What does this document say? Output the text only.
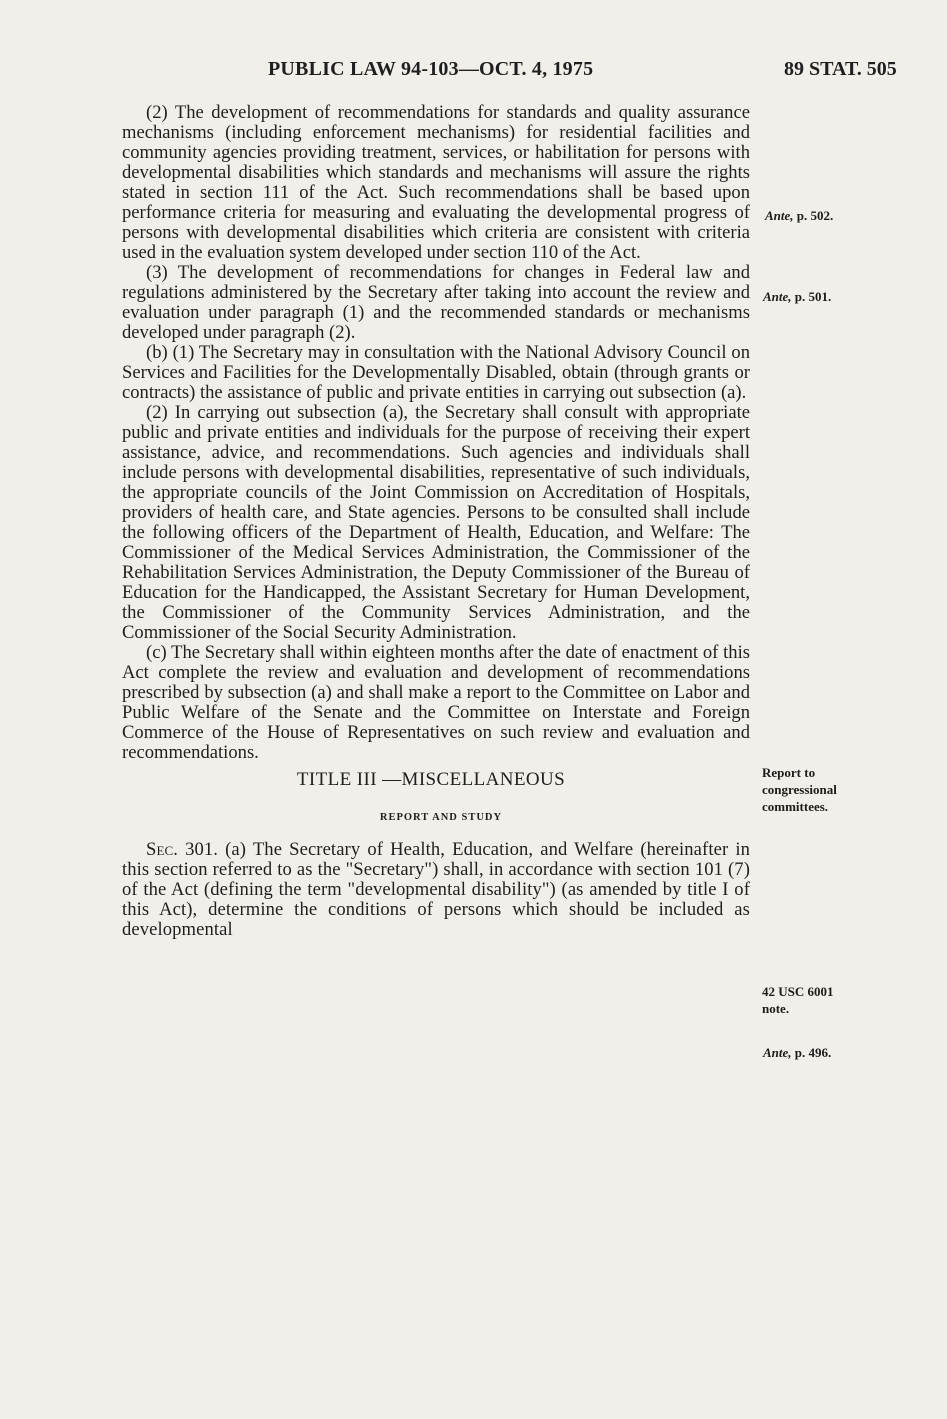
PUBLIC LAW 94-103—OCT. 4, 1975	89 STAT. 505

(2) The development of recommendations for standards and quality assurance mechanisms (including enforcement mechanisms) for residential facilities and community agencies providing treatment, services, or habilitation for persons with developmental disabilities which standards and mechanisms will assure the rights stated in section 111 of the Act. Such recommendations shall be based upon performance criteria for measuring and evaluating the developmental progress of persons with developmental disabilities which criteria are consistent with criteria used in the evaluation system developed under section 110 of the Act.

(3) The development of recommendations for changes in Federal law and regulations administered by the Secretary after taking into account the review and evaluation under paragraph (1) and the recommended standards or mechanisms developed under paragraph (2).

(b) (1) The Secretary may in consultation with the National Advisory Council on Services and Facilities for the Developmentally Disabled, obtain (through grants or contracts) the assistance of public and private entities in carrying out subsection (a).

(2) In carrying out subsection (a), the Secretary shall consult with appropriate public and private entities and individuals for the purpose of receiving their expert assistance, advice, and recommendations. Such agencies and individuals shall include persons with developmental disabilities, representative of such individuals, the appropriate councils of the Joint Commission on Accreditation of Hospitals, providers of health care, and State agencies. Persons to be consulted shall include the following officers of the Department of Health, Education, and Welfare: The Commissioner of the Medical Services Administration, the Commissioner of the Rehabilitation Services Administration, the Deputy Commissioner of the Bureau of Education for the Handicapped, the Assistant Secretary for Human Development, the Commissioner of the Community Services Administration, and the Commissioner of the Social Security Administration.

(c) The Secretary shall within eighteen months after the date of enactment of this Act complete the review and evaluation and development of recommendations prescribed by subsection (a) and shall make a report to the Committee on Labor and Public Welfare of the Senate and the Committee on Interstate and Foreign Commerce of the House of Representatives on such review and evaluation and recommendations.

TITLE III —MISCELLANEOUS
REPORT AND STUDY

Sec. 301. (a) The Secretary of Health, Education, and Welfare (hereinafter in this section referred to as the "Secretary") shall, in accordance with section 101 (7) of the Act (defining the term "developmental disability") (as amended by title I of this Act), determine the conditions of persons which should be included as developmental

Ante, p. 502.
Ante, p. 501.
Report to
congressional
committees.
42 USC 6001
note.
Ante, p. 496.
